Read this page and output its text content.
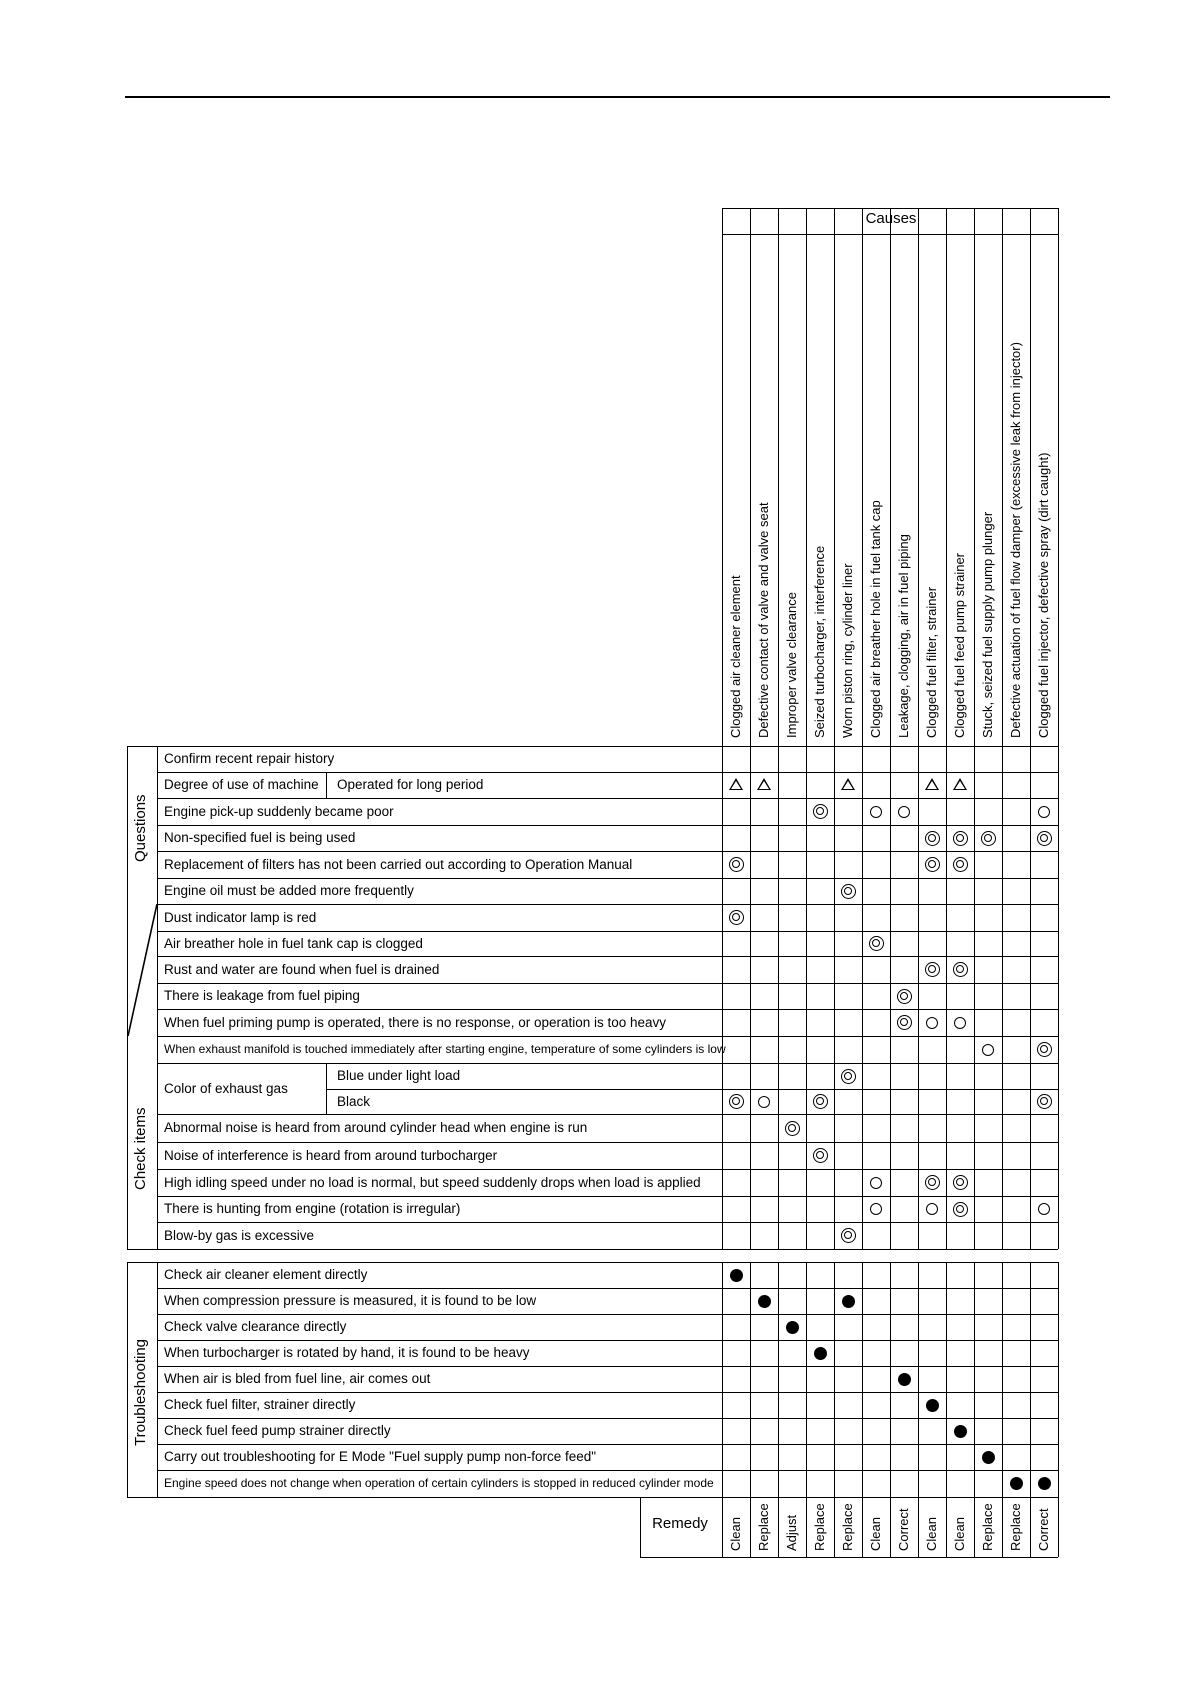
Clogged air cleaner element Defective contact of valve and valve seat Improper valve clearance Seized turbocharger, interference Worn piston ring, cylinder liner Clogged air breather hole in fuel tank cap Leakage, clogging, air in fuel piping Clogged fuel filter, strainer Clogged fuel feed pump strainer Stuck, seized fuel supply pump plunger Defective actuation of fuel flow damper (excessive leak from injector) Clogged fuel injector, defective spray (dirt caught)
Questions
Check items
Troubleshooting
Confirm recent repair history
Degree of use of machine Operated for long period
Engine pick-up suddenly became poor
Non-specified fuel is being used
Replacement of filters has not been carried out according to Operation Manual
Engine oil must be added more frequently
Dust indicator lamp is red
Air breather hole in fuel tank cap is clogged
Rust and water are found when fuel is drained
There is leakage from fuel piping
When fuel priming pump is operated, there is no response, or operation is too heavy
When exhaust manifold is touched immediately after starting engine, temperature of some cylinders is low
Color of exhaust gas
Blue under light load
Black
Abnormal noise is heard from around cylinder head when engine is run
Noise of interference is heard from around turbocharger
High idling speed under no load is normal, but speed suddenly drops when load is applied
There is hunting from engine (rotation is irregular)
Blow-by gas is excessive
Check air cleaner element directly
When compression pressure is measured, it is found to be low
Check valve clearance directly
When turbocharger is rotated by hand, it is found to be heavy
When air is bled from fuel line, air comes out
Check fuel filter, strainer directly
Check fuel feed pump strainer directly
Carry out troubleshooting for E Mode "Fuel supply pump non-force feed"
Engine speed does not change when operation of certain cylinders is stopped in reduced cylinder mode
Clean Replace Adjust Replace Replace Clean Correct Clean Clean Replace Replace Correct
Causes
Remedy
